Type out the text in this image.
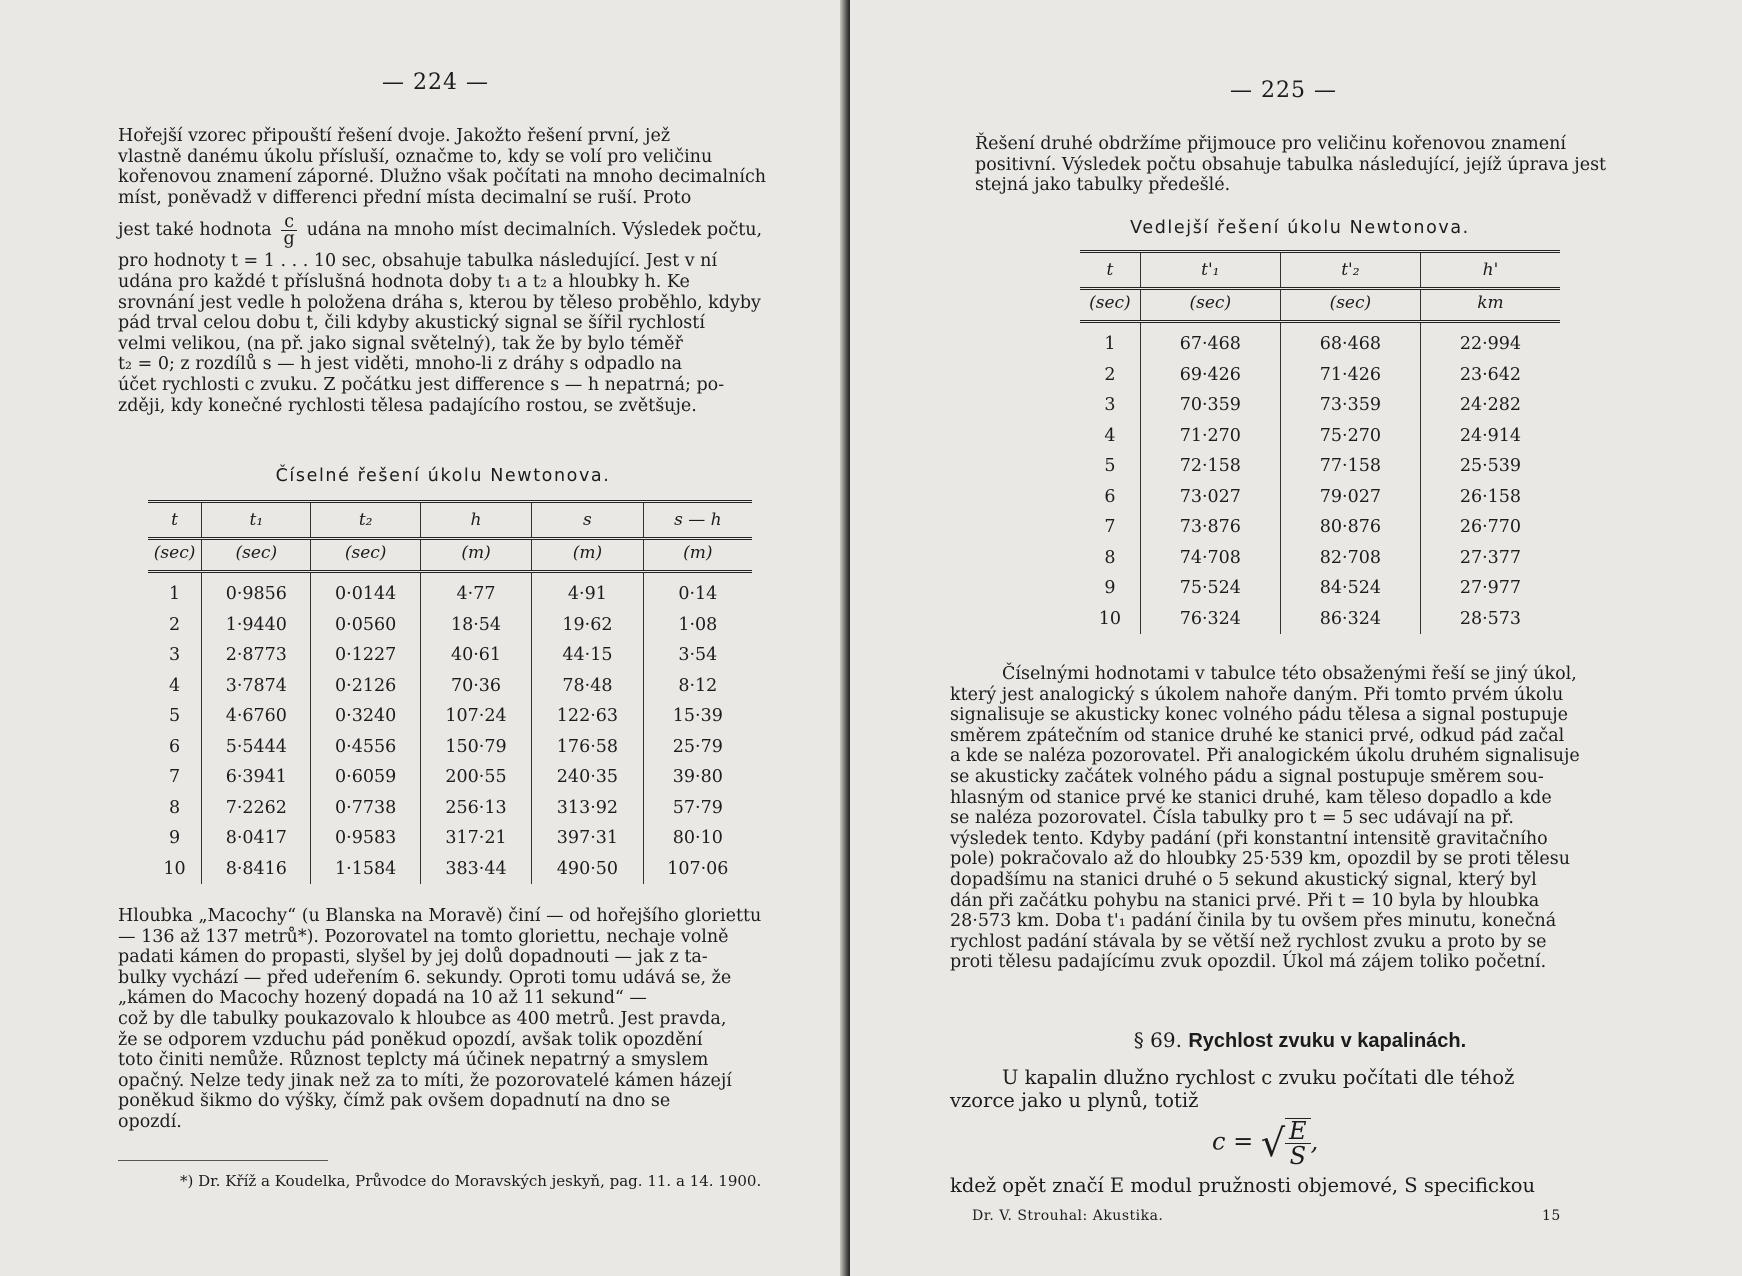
— 224 —

Hořejší vzorec připouští řešení dvoje. Jakožto řešení první, jež

vlastně danému úkolu přísluší, označme to, kdy se volí pro veličinu

kořenovou znamení záporné. Dlužno však počítati na mnoho decimalních

míst, poněvadž v differenci přední místa decimalní se ruší. Proto

jest také hodnota $\frac{c}{g}$ udána na mnoho míst decimalních. Výsledek počtu,

pro hodnoty t = 1 . . . 10 sec, obsahuje tabulka následující. Jest v ní

udána pro každé t příslušná hodnota doby t₁ a t₂ a hloubky h. Ke

srovnání jest vedle h položena dráha s, kterou by těleso proběhlo, kdyby

pád trval celou dobu t, čili kdyby akustický signal se šířil rychlostí

velmi velikou, (na př. jako signal světelný), tak že by bylo téměř

t₂ = 0; z rozdílů s — h jest viděti, mnoho-li z dráhy s odpadlo na

účet rychlosti c zvuku. Z počátku jest difference s — h nepatrná; po-

zději, kdy konečné rychlosti tělesa padajícího rostou, se zvětšuje.

Číselné řešení úkolu Newtonova.
t	t₁	t₂	h	s	s — h
(sec)	(sec)	(sec)	(m)	(m)	(m)
1	0·9856	0·0144	4·77	4·91	0·14
2	1·9440	0·0560	18·54	19·62	1·08
3	2·8773	0·1227	40·61	44·15	3·54
4	3·7874	0·2126	70·36	78·48	8·12
5	4·6760	0·3240	107·24	122·63	15·39
6	5·5444	0·4556	150·79	176·58	25·79
7	6·3941	0·6059	200·55	240·35	39·80
8	7·2262	0·7738	256·13	313·92	57·79
9	8·0417	0·9583	317·21	397·31	80·10
10	8·8416	1·1584	383·44	490·50	107·06

Hloubka „Macochy“ (u Blanska na Moravě) činí — od hořejšího gloriettu

— 136 až 137 metrů*). Pozorovatel na tomto gloriettu, nechaje volně

padati kámen do propasti, slyšel by jej dolů dopadnouti — jak z ta-

bulky vychází — před udeřením 6. sekundy. Oproti tomu udává se, že

„kámen do Macochy hozený dopadá na 10 až 11 sekund“ —

což by dle tabulky poukazovalo k hloubce as 400 metrů. Jest pravda,

že se odporem vzduchu pád poněkud opozdí, avšak tolik opozdění

toto činiti nemůže. Různost teplcty má účinek nepatrný a smyslem

opačný. Nelze tedy jinak než za to míti, že pozorovatelé kámen házejí

poněkud šikmo do výšky, čímž pak ovšem dopadnutí na dno se

opozdí.

*) Dr. Kříž a Koudelka, Průvodce do Moravských jeskyň, pag. 11. a 14. 1900.
— 225 —

Řešení druhé obdržíme přijmouce pro veličinu kořenovou znamení

positivní. Výsledek počtu obsahuje tabulka následující, jejíž úprava jest

stejná jako tabulky předešlé.

Vedlejší řešení úkolu Newtonova.
t	t'₁	t'₂	h'
(sec)	(sec)	(sec)	km
1	67·468	68·468	22·994
2	69·426	71·426	23·642
3	70·359	73·359	24·282
4	71·270	75·270	24·914
5	72·158	77·158	25·539
6	73·027	79·027	26·158
7	73·876	80·876	26·770
8	74·708	82·708	27·377
9	75·524	84·524	27·977
10	76·324	86·324	28·573

Číselnými hodnotami v tabulce této obsaženými řeší se jiný úkol,

který jest analogický s úkolem nahoře daným. Při tomto prvém úkolu

signalisuje se akusticky konec volného pádu tělesa a signal postupuje

směrem zpátečním od stanice druhé ke stanici prvé, odkud pád začal

a kde se naléza pozorovatel. Při analogickém úkolu druhém signalisuje

se akusticky začátek volného pádu a signal postupuje směrem sou-

hlasným od stanice prvé ke stanici druhé, kam těleso dopadlo a kde

se naléza pozorovatel. Čísla tabulky pro t = 5 sec udávají na př.

výsledek tento. Kdyby padání (při konstantní intensitě gravitačního

pole) pokračovalo až do hloubky 25·539 km, opozdil by se proti tělesu

dopadšímu na stanici druhé o 5 sekund akustický signal, který byl

dán při začátku pohybu na stanici prvé. Při t = 10 byla by hloubka

28·573 km. Doba t'₁ padání činila by tu ovšem přes minutu, konečná

rychlost padání stávala by se větší než rychlost zvuku a proto by se

proti tělesu padajícímu zvuk opozdil. Úkol má zájem toliko početní.

§ 69. Rychlost zvuku v kapalinách.

U kapalin dlužno rychlost c zvuku počítati dle téhož

vzorce jako u plynů, totiž

c = √ $\frac{E}{S}$ ,

kdež opět značí E modul pružnosti objemové, S specifickou

Dr. V. Strouhal: Akustika.	15
